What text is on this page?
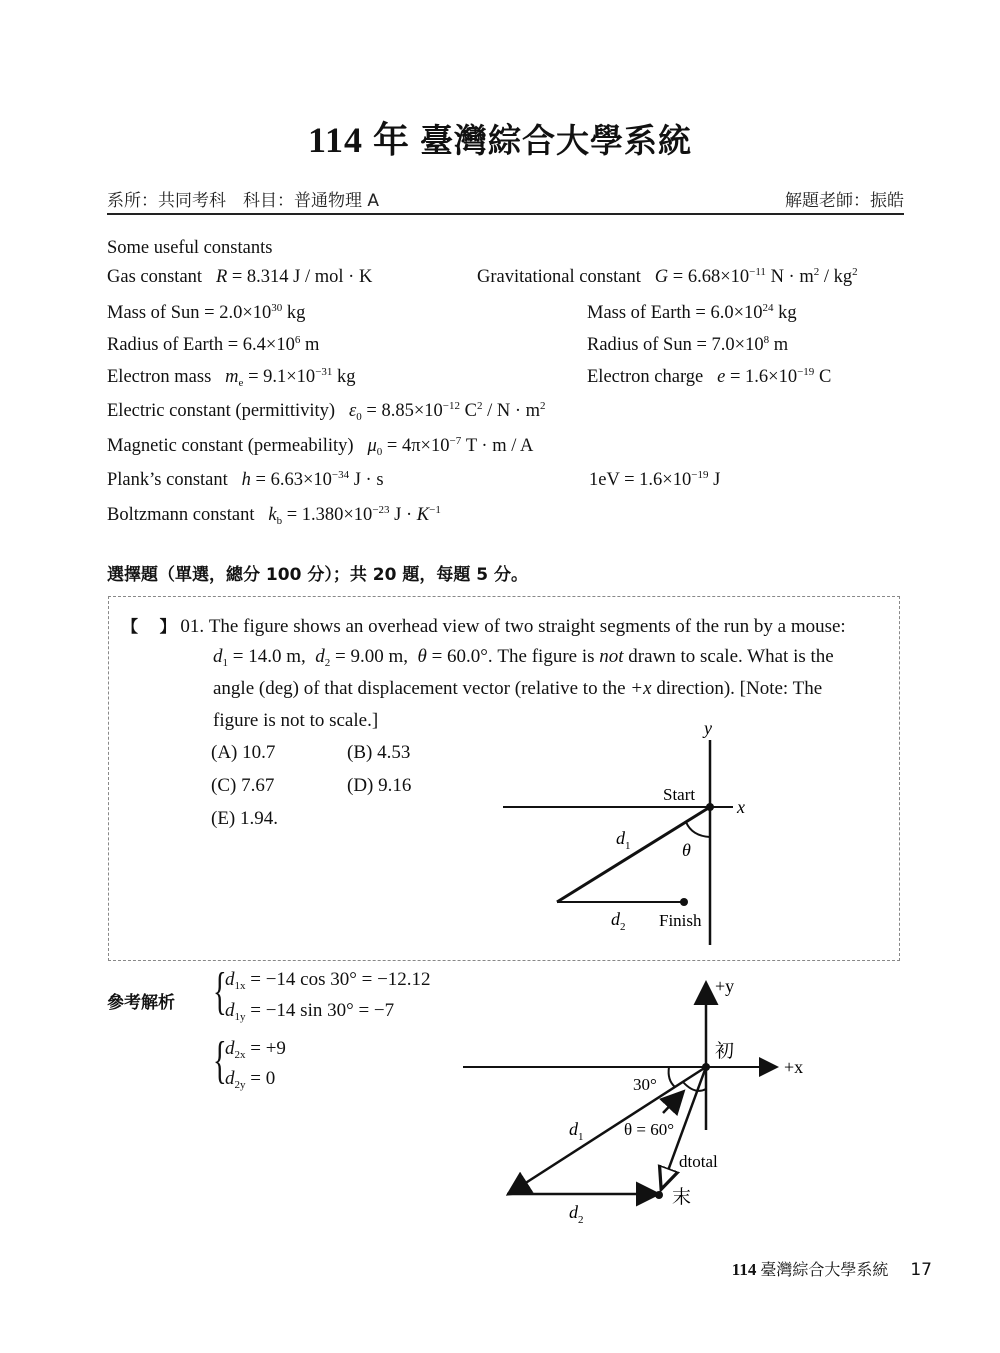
114 年 臺灣綜合大學系統
系所：共同考科　科目：普通物理 A	解題老師：振皓
Some useful constants
Gas constant R = 8.314 J / mol · K	Gravitational constant $G = 6.68\times 10^{-11}$ $N \cdot m^2 / kg^2$
Mass of Sun = $2.0\times 10^{30}$ kg	Mass of Earth = $6.0\times 10^{24}$ kg
Radius of Earth = $6.4\times 10^6$ m	Radius of Sun = $7.0\times 10^8$ m
Electron mass $m_e = 9.1\times 10^{-31}$ kg	Electron charge $e = 1.6\times 10^{-19}$ C
Electric constant (permittivity) $\varepsilon_0 = 8.85\times 10^{-12}$ $C^2 / N \cdot m^2$
Magnetic constant (permeability) $\mu_0 = 4\pi\times 10^{-7}$ T · m / A
Plank’s constant $h = 6.63\times 10^{-34}$ J · s	$1eV = 1.6\times 10^{-19}$ J
Boltzmann constant $k_b = 1.380\times 10^{-23}$ $J \cdot K^{-1}$
選擇題（單選，總分 100 分）；共 20 題，每題 5 分。
【　 】 01. The figure shows an overhead view of two straight segments of the run by a mouse:
$d_1 = 14.0$ m, $d_2 = 9.00$ m, θ = 60.0°. The figure is not drawn to scale. What is the
angle (deg) of that displacement vector (relative to the +x direction). [Note: The
figure is not to scale.]
(A) 10.7	(B) 4.53
(C) 7.67	(D) 9.16
(E) 1.94.
y
x
Start
Finish
θ
$d_1$
$d_2$
參考解析 {
$d_{1x} = -14$ cos 30° = −12.12
$d_{1y} = -14$ sin 30° = −7
{
$d_{2x} = +9$
$d_{2y} = 0$
+y
+x
初
末
30°
θ = 60°
dtotal
$d_1$
$d_2$
114 臺灣綜合大學系統 17
